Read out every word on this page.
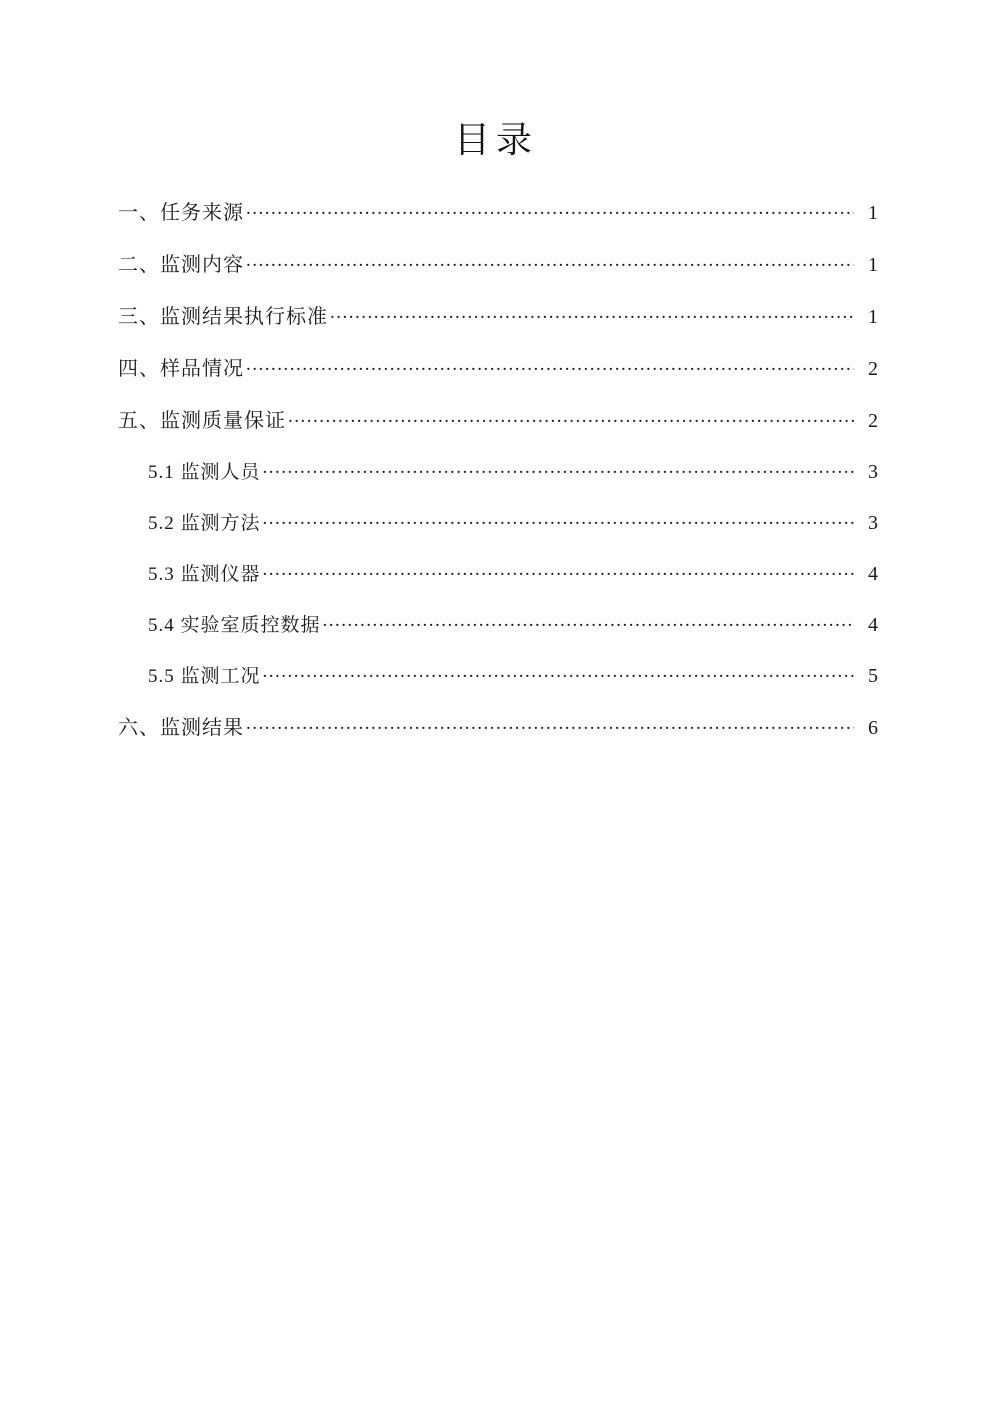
目录
一、任务来源 .....	1
二、监测内容 .....	1
三、监测结果执行标准 .....	1
四、样品情况 .....	2
五、监测质量保证 .....	2
5.1 监测人员 .....	3
5.2 监测方法 .....	3
5.3 监测仪器 .....	4
5.4 实验室质控数据 .....	4
5.5 监测工况 .....	5
六、监测结果 .....	6
